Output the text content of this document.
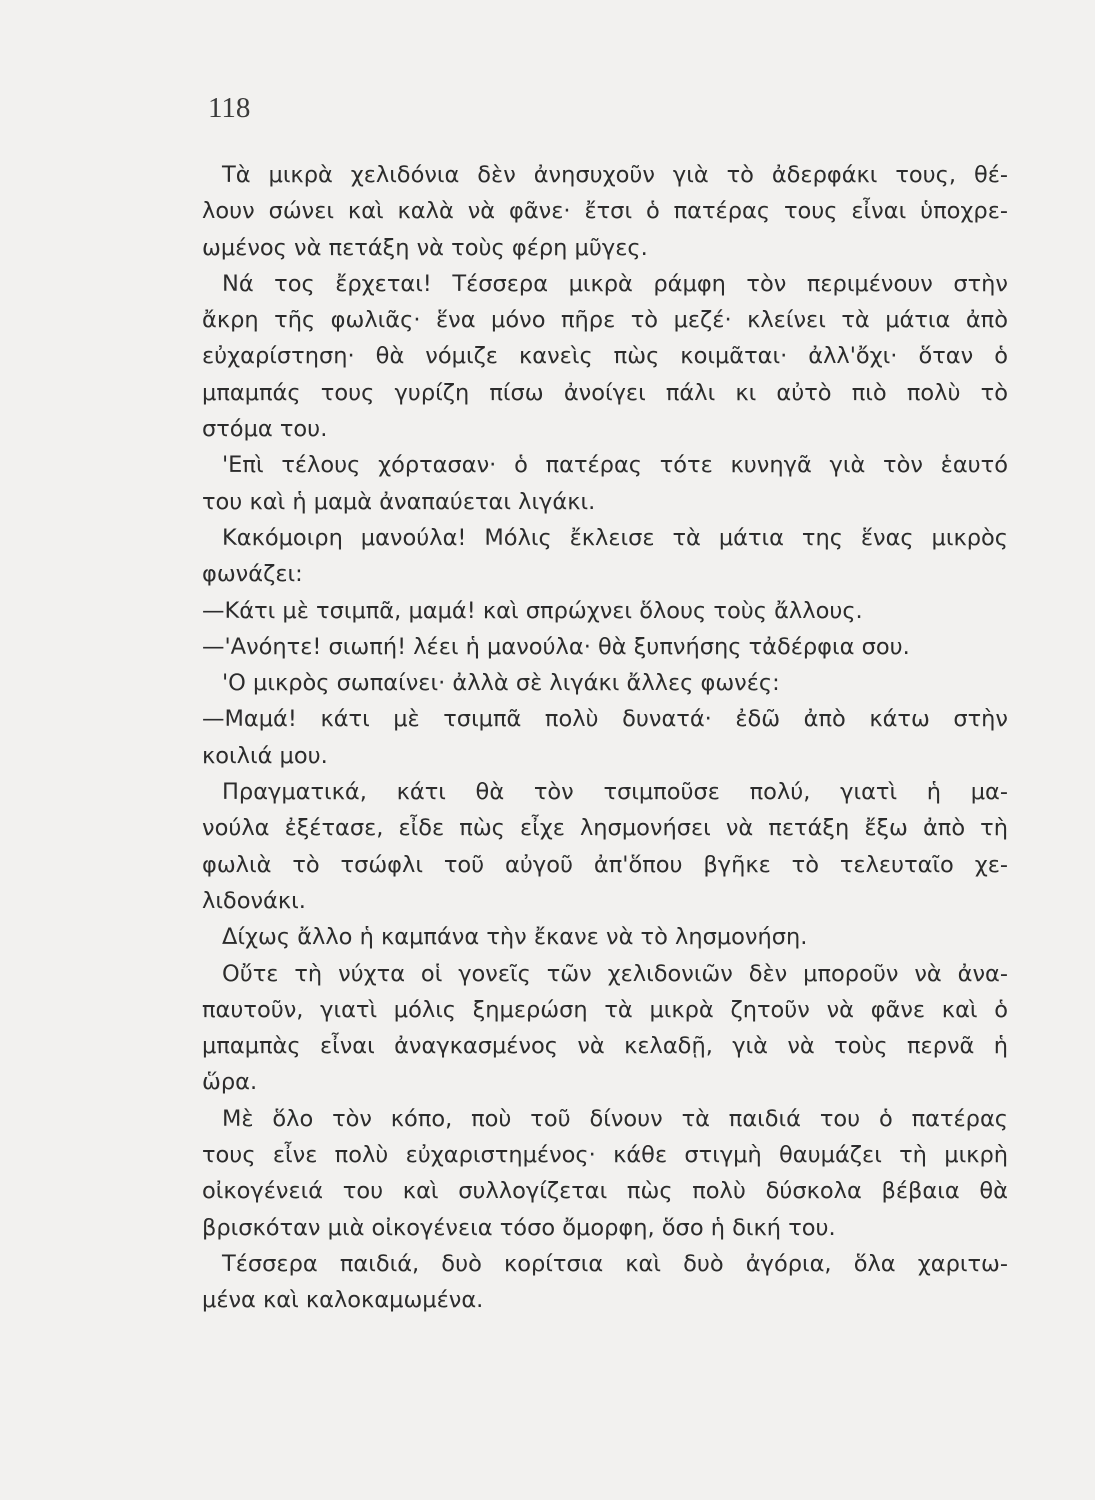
118

Τὰ μικρὰ χελιδόνια δὲν ἀνησυχοῦν γιὰ τὸ ἀδερφάκι τους, θέ-
λουν σώνει καὶ καλὰ νὰ φᾶνε· ἔτσι ὁ πατέρας τους εἶναι ὑποχρε-
ωμένος νὰ πετάξη νὰ τοὺς φέρη μῦγες.
Νά τος ἔρχεται! Τέσσερα μικρὰ ράμφη τὸν περιμένουν στὴν
ἄκρη τῆς φωλιᾶς· ἕνα μόνο πῆρε τὸ μεζέ· κλείνει τὰ μάτια ἀπὸ
εὐχαρίστηση· θὰ νόμιζε κανεὶς πὼς κοιμᾶται· ἀλλ'ὄχι· ὅταν ὁ
μπαμπάς τους γυρίζη πίσω ἀνοίγει πάλι κι αὐτὸ πιὸ πολὺ τὸ
στόμα του.
'Επὶ τέλους χόρτασαν· ὁ πατέρας τότε κυνηγᾶ γιὰ τὸν ἑαυτό
του καὶ ἡ μαμὰ ἀναπαύεται λιγάκι.
Κακόμοιρη μανούλα! Μόλις ἔκλεισε τὰ μάτια της ἕνας μικρὸς
φωνάζει:
—Κάτι μὲ τσιμπᾶ, μαμά! καὶ σπρώχνει ὅλους τοὺς ἄλλους.
—'Ανόητε! σιωπή! λέει ἡ μανούλα· θὰ ξυπνήσης τἀδέρφια σου.
'Ο μικρὸς σωπαίνει· ἀλλὰ σὲ λιγάκι ἄλλες φωνές:
—Μαμά! κάτι μὲ τσιμπᾶ πολὺ δυνατά· ἐδῶ ἀπὸ κάτω στὴν
κοιλιά μου.
Πραγματικά, κάτι θὰ τὸν τσιμποῦσε πολύ, γιατὶ ἡ μα-
νούλα ἐξέτασε, εἶδε πὼς εἶχε λησμονήσει νὰ πετάξη ἔξω ἀπὸ τὴ
φωλιὰ τὸ τσώφλι τοῦ αὐγοῦ ἀπ'ὅπου βγῆκε τὸ τελευταῖο χε-
λιδονάκι.
Δίχως ἄλλο ἡ καμπάνα τὴν ἔκανε νὰ τὸ λησμονήση.
Οὔτε τὴ νύχτα οἱ γονεῖς τῶν χελιδονιῶν δὲν μποροῦν νὰ ἀνα-
παυτοῦν, γιατὶ μόλις ξημερώση τὰ μικρὰ ζητοῦν νὰ φᾶνε καὶ ὁ
μπαμπὰς εἶναι ἀναγκασμένος νὰ κελαδῇ, γιὰ νὰ τοὺς περνᾶ ἡ
ὥρα.
Μὲ ὅλο τὸν κόπο, ποὺ τοῦ δίνουν τὰ παιδιά του ὁ πατέρας
τους εἶνε πολὺ εὐχαριστημένος· κάθε στιγμὴ θαυμάζει τὴ μικρὴ
οἰκογένειά του καὶ συλλογίζεται πὼς πολὺ δύσκολα βέβαια θὰ
βρισκόταν μιὰ οἰκογένεια τόσο ὄμορφη, ὅσο ἡ δική του.
Τέσσερα παιδιά, δυὸ κορίτσια καὶ δυὸ ἀγόρια, ὅλα χαριτω-
μένα καὶ καλοκαμωμένα.
